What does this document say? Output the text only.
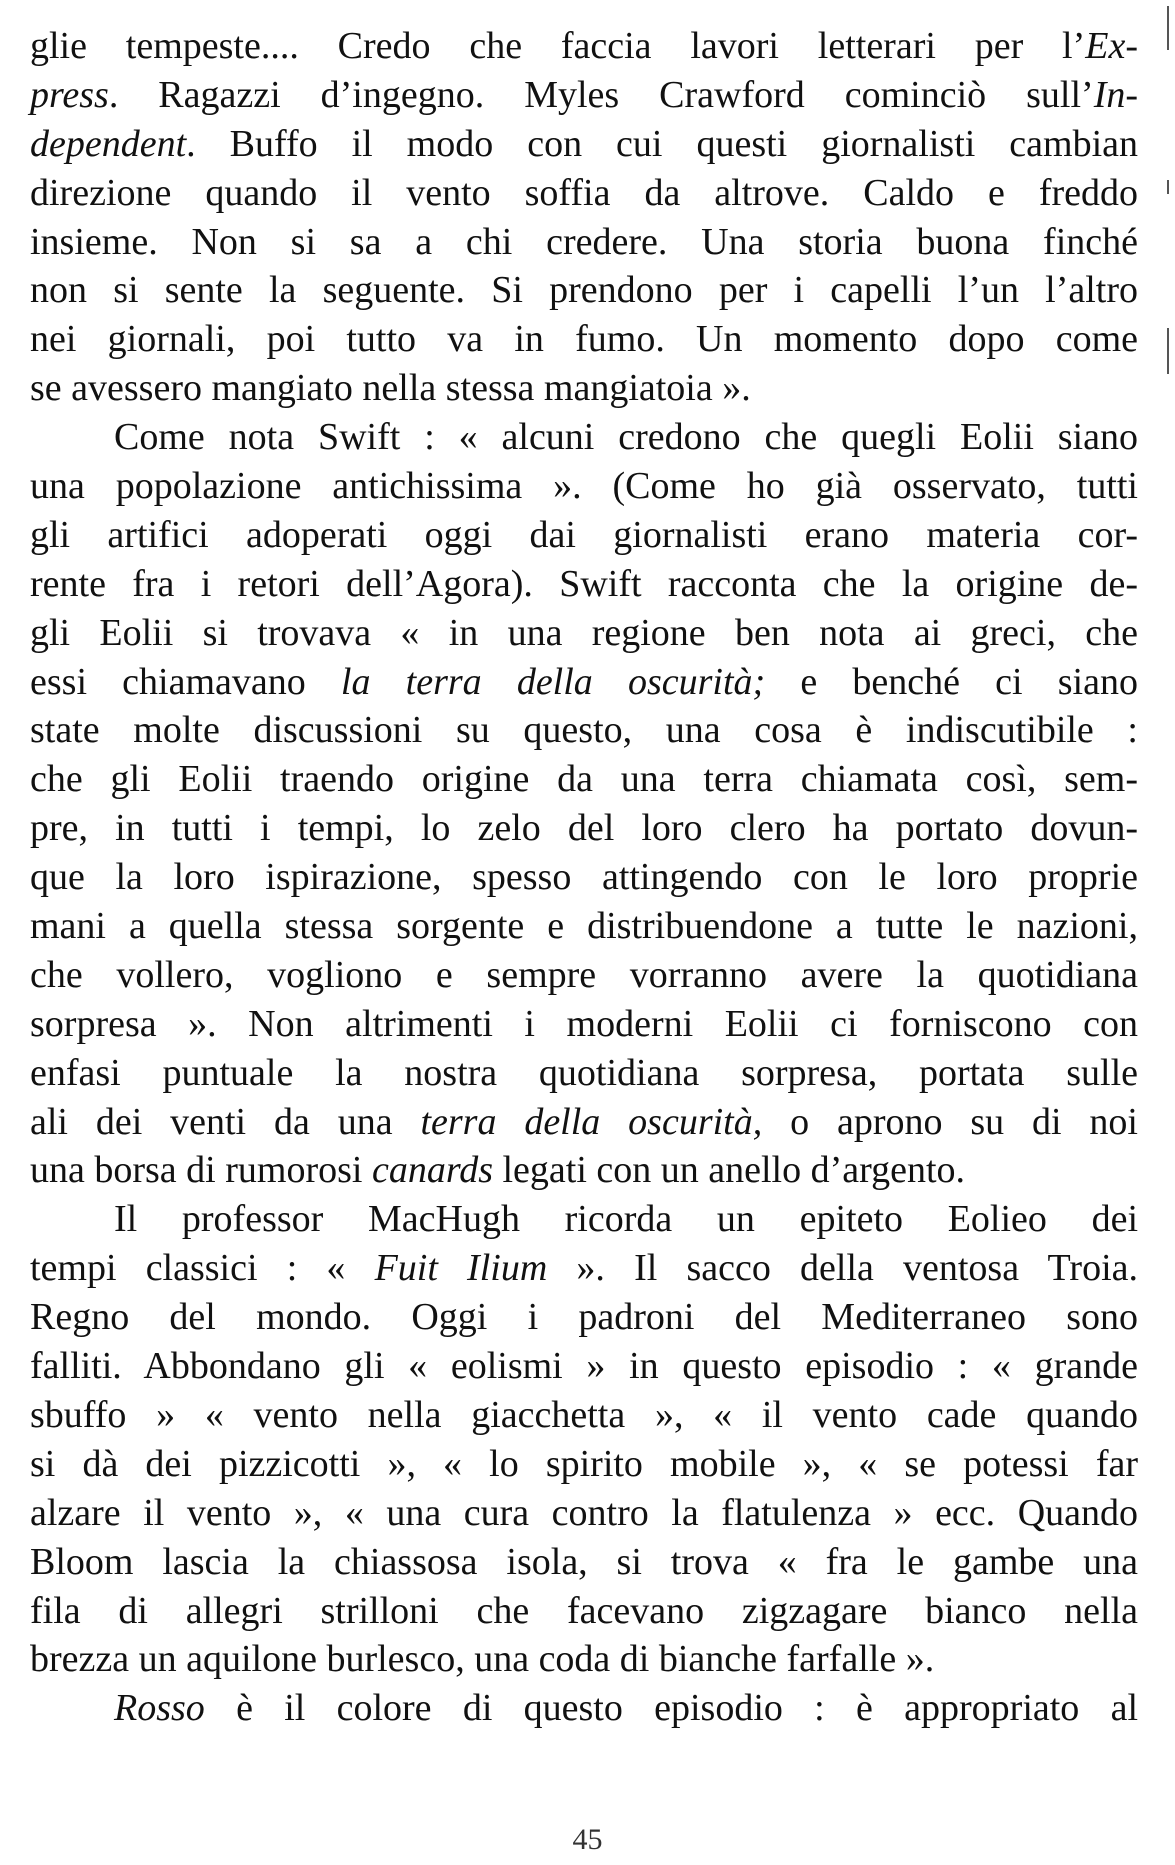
glie tempeste.... Credo che faccia lavori letterari per l’Ex-
press. Ragazzi d’ingegno. Myles Crawford cominciò sull’In-
dependent. Buffo il modo con cui questi giornalisti cambian
direzione quando il vento soffia da altrove. Caldo e freddo
insieme. Non si sa a chi credere. Una storia buona finché
non si sente la seguente. Si prendono per i capelli l’un l’altro
nei giornali, poi tutto va in fumo. Un momento dopo come
se avessero mangiato nella stessa mangiatoia ».
Come nota Swift : « alcuni credono che quegli Eolii siano
una popolazione antichissima ». (Come ho già osservato, tutti
gli artifici adoperati oggi dai giornalisti erano materia cor-
rente fra i retori dell’Agora). Swift racconta che la origine de-
gli Eolii si trovava « in una regione ben nota ai greci, che
essi chiamavano la terra della oscurità; e benché ci siano
state molte discussioni su questo, una cosa è indiscutibile :
che gli Eolii traendo origine da una terra chiamata così, sem-
pre, in tutti i tempi, lo zelo del loro clero ha portato dovun-
que la loro ispirazione, spesso attingendo con le loro proprie
mani a quella stessa sorgente e distribuendone a tutte le nazioni,
che vollero, vogliono e sempre vorranno avere la quotidiana
sorpresa ». Non altrimenti i moderni Eolii ci forniscono con
enfasi puntuale la nostra quotidiana sorpresa, portata sulle
ali dei venti da una terra della oscurità, o aprono su di noi
una borsa di rumorosi canards legati con un anello d’argento.
Il professor MacHugh ricorda un epiteto Eolieo dei
tempi classici : « Fuit Ilium ». Il sacco della ventosa Troia.
Regno del mondo. Oggi i padroni del Mediterraneo sono
falliti. Abbondano gli « eolismi » in questo episodio : « grande
sbuffo » « vento nella giacchetta », « il vento cade quando
si dà dei pizzicotti », « lo spirito mobile », « se potessi far
alzare il vento », « una cura contro la flatulenza » ecc. Quando
Bloom lascia la chiassosa isola, si trova « fra le gambe una
fila di allegri strilloni che facevano zigzagare bianco nella
brezza un aquilone burlesco, una coda di bianche farfalle ».
Rosso è il colore di questo episodio : è appropriato al
45
